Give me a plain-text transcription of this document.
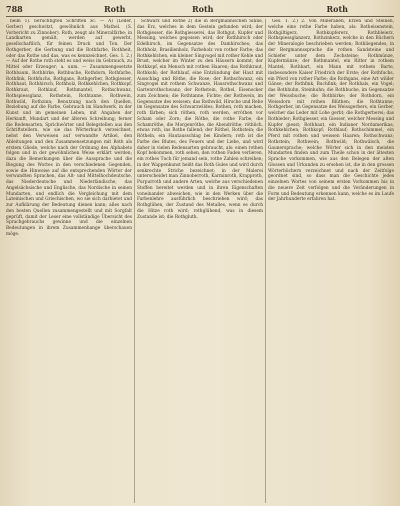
788	Roth	Roth	Roth

heim 1). berüchtigten Schriften zc. — A) (Leder, Gerber) geschwitzt, gewöhnlich aus Mathel. (S. Vorbericht zu Zinnober). Roth, zeugt als Mineralfärbe; in Landkarten gemält, werden auf gewerbt, gesellschaftlich, für feinen Druck und Ton. Der Rothgerber, die Gerbung und die Rothfarbe, Rothheit, oder das Rothe und das, was es kennzeichnet, Ges. 1. 2.) — Auf der Rothe roth steht es und weiss im Gebrauch, zu Mittel oder Erzeuger; a. unm. — Zusammengesetzte Rothbaum, Rothbirke, Rothbuche, Rothdorn, Rothfarbe, Rothfink, Rothfuchs, Rothgans, Rothgerber, Rothgiesser, Rothhaut, Rothhirsch, Rothholz, Rothkehlchen, Rothkopf, Rothkraut, Rothlauf, Rothmantel, Rothschwanz, Rothspiessglanz, Rothstein, Rothtanne, Rothwein, Rothwild, Rothzinn; Benutzung nach den Quellen, Beziehung auf die Farbe, Gebrauch im Handwerk, in der Kunst und im gemeinen Leben, mit Angaben der Herkunft, Mundart und der älteren Schreibung; ferner die Redensarten, Sprichwörter und Belegstellen aus den Schriftstellern, wie sie das Wörterbuch verzeichnet, nebst den Verweisen auf verwandte Artikel, den Ableitungen und den Zusammensetzungen mit Roth als erstem Gliede, welche nach der Ordnung des Alphabets folgen und in der gewöhnlichen Weise erklärt werden; dazu die Bemerkungen über die Aussprache und die Biegung des Wortes in den verschiedenen Gegenden, sowie die Hinweise auf die entsprechenden Wörter der verwandten Sprachen, das Alt- und Mittelhochdeutsche, das Niederdeutsche und Niederländische, das Angelsächsische und Englische, das Nordische in seinen Mundarten, und endlich die Vergleichung mit dem Lateinischen und Griechischen, wo sie sich darbietet und zur Aufklärung der Bedeutung dienen kann; alles nach den besten Quellen zusammengestellt und mit Sorgfalt geprüft, damit der Leser eine vollständige Übersicht des Sprachgebrauchs gewinne und die einzelnen Bedeutungen in ihrem Zusammenhange überschauen möge.

Schwarz und Rothe 2) die in Bergmännischen Sinne, das Erz, welches in dem Gestein gefunden wird; der Rothgiesser, die Rothgiesserei, das Rothgut, Kupfer und Messing, welches gegossen wird; der Rothhirsch oder Edelhirsch, im Gegensatze des Damhirsches; das Rothholz, Brasilienholz, Farbeholz von rother Farbe; das Rothkehlchen, ein kleiner Singvogel mit rother Kehle und Brust, welcher im Winter zu den Häusern kommt; der Rothkopf, ein Mensch mit rothen Haaren; das Rothkraut, Rothkohl; der Rothlauf, eine Entzündung der Haut mit Ausschlag und Röthe, die Rose; der Rothschwanz, ein Singvogel mit rothem Schwanze, Hausrothschwanz und Gartenrothschwanz; der Rothstein, Rothel, Eisenocker zum Zeichnen; die Rothtanne, Fichte; der Rothwein, im Gegensatze des weissen; das Rothwild, Hirsche und Rehe im Gegensatze des Schwarzwildes; Rothen, roth machen, roth färben; sich röthen, roth werden, erröthen vor Scham oder Zorn; die Röthe, die rothe Farbe, die Schamröthe, die Morgenröthe, die Abendröthe; röthlich, etwas roth, ins Rothe fallend; der Röthel, Rothstein; die Rötheln, ein Hautausschlag bei Kindern; roth ist die Farbe des Blutes, des Feuers und der Liebe, und wird daher in vielen Redensarten gebraucht, als: einen rothen Kopf bekommen, roth sehen, den rothen Faden verlieren, ein rothes Tuch für jemand sein, rothe Zahlen schreiben; in der Wappenkunst heißt das Roth Gules und wird durch senkrechte Striche bezeichnet; in der Malerei unterscheidet man Zinnoberroth, Karminroth, Krapproth, Purpurroth und andere Arten, welche aus verschiedenen Stoffen bereitet werden und in ihren Eigenschaften voneinander abweichen, wie in den Werken über die Farbenlehre ausführlich beschrieben wird; das Rothglühen, der Zustand des Metalles, wenn es durch die Hitze roth wird; rothglühend, was in diesem Zustande ist; die Rothgluth.

Ges. 1. 2.) 2. Von Mineralien, Erzen und Steinen, welche eine rothe Farbe haben, als: Rotheisenstein, Rothgiltigerz, Rothkupfererz, Rothbleierz, Rothspiessglanzerz, Rothzinkerz, welche in den Büchern der Mineralogie beschrieben werden; Rothliegendes, in der Bergmannssprache die rothen Sandsteine und Schiefer unter dem Zechsteine; Rothmünze, Kupfermünze; der Rothmantel, ein Ritter in rothem Mantel; Rothbart, ein Mann mit rothem Barte, insbesondere Kaiser Friedrich der Erste; der Rothfuchs, ein Pferd von rother Farbe; die Rothgans, eine Art wilder Gänse; der Rothfink, Buchfink; der Rothhals, ein Vogel; das Rothhuhn, Steinhuhn; die Rothbuche, im Gegensatze der Weissbuche; die Rothbirke; der Rothdorn, ein Weissdorn mit rothen Blüthen; die Rothtanne; Rothgerber, im Gegensatze des Weissgerbers, ein Gerber, welcher das Leder mit Lohe gerbt; die Rothgerberei; das Rothleder; Rothgiesser, ein Giesser, welcher Messing und Kupfer giesst; Rothhaut, ein Indianer Nordamerikas; Rothkehlchen; Rothkopf; Rothlauf; Rothschimmel, ein Pferd mit rothen und weissen Haaren; Rothschwanz; Rothstein; Rothwein; Rothwild; Rothwälsch, die Gaunersprache; welche Wörter sich in den meisten Mundarten finden und zum Theile schon in der ältesten Sprache vorkommen, wie aus den Belegen der alten Glossen und Urkunden zu ersehen ist, die in den grossen Wörterbüchern verzeichnet und nach der Zeitfolge geordnet sind, so dass man die Geschichte jedes einzelnen Wortes von seinem ersten Vorkommen bis in die neuere Zeit verfolgen und die Veränderungen in Form und Bedeutung erkennen kann, welche es im Laufe der Jahrhunderte erfahren hat.
